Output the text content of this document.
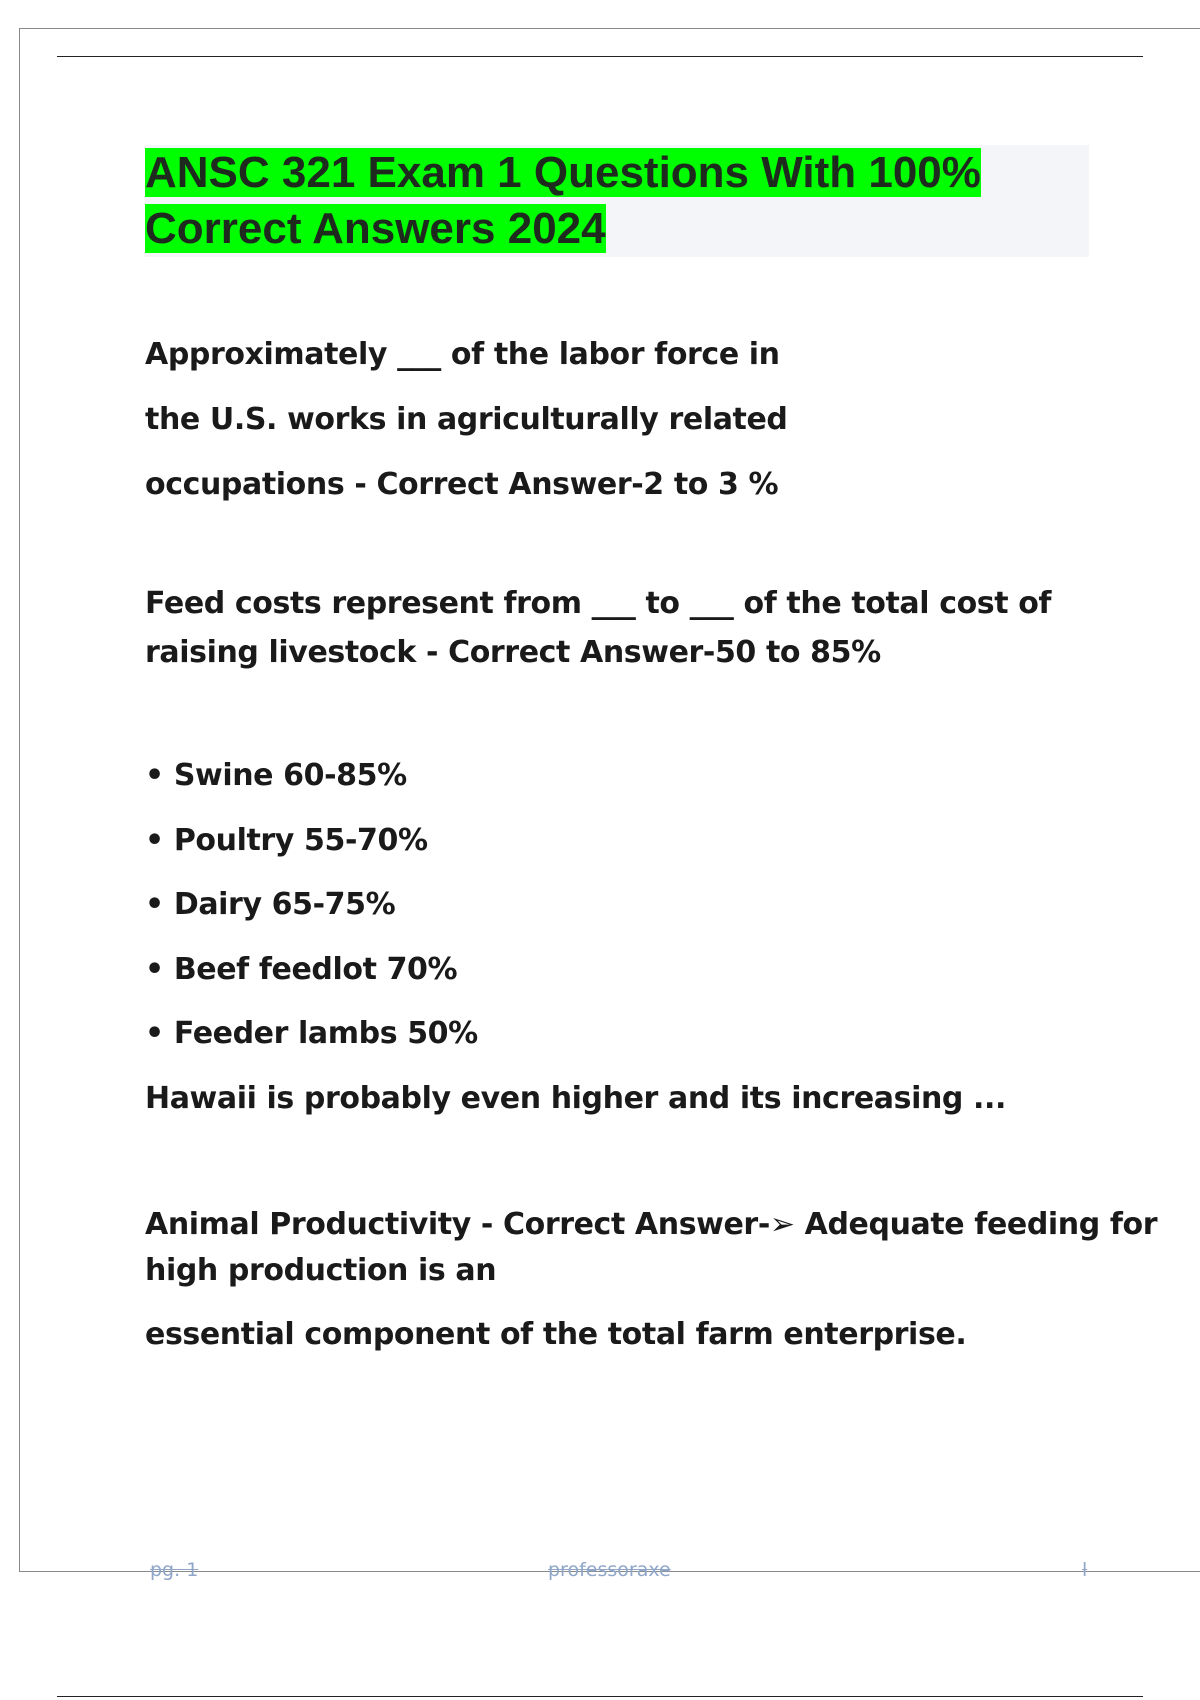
ANSC 321 Exam 1 Questions With 100%
Correct Answers 2024

Approximately ___ of the labor force in

the U.S. works in agriculturally related

occupations - Correct Answer-2 to 3 %

Feed costs represent from ___ to ___ of the total cost of

raising livestock - Correct Answer-50 to 85%

• Swine 60-85%

• Poultry 55-70%

• Dairy 65-75%

• Beef feedlot 70%

• Feeder lambs 50%

Hawaii is probably even higher and its increasing ...

Animal Productivity - Correct Answer-➢ Adequate feeding for

high production is an

essential component of the total farm enterprise.

pg. 1	professoraxe	l
